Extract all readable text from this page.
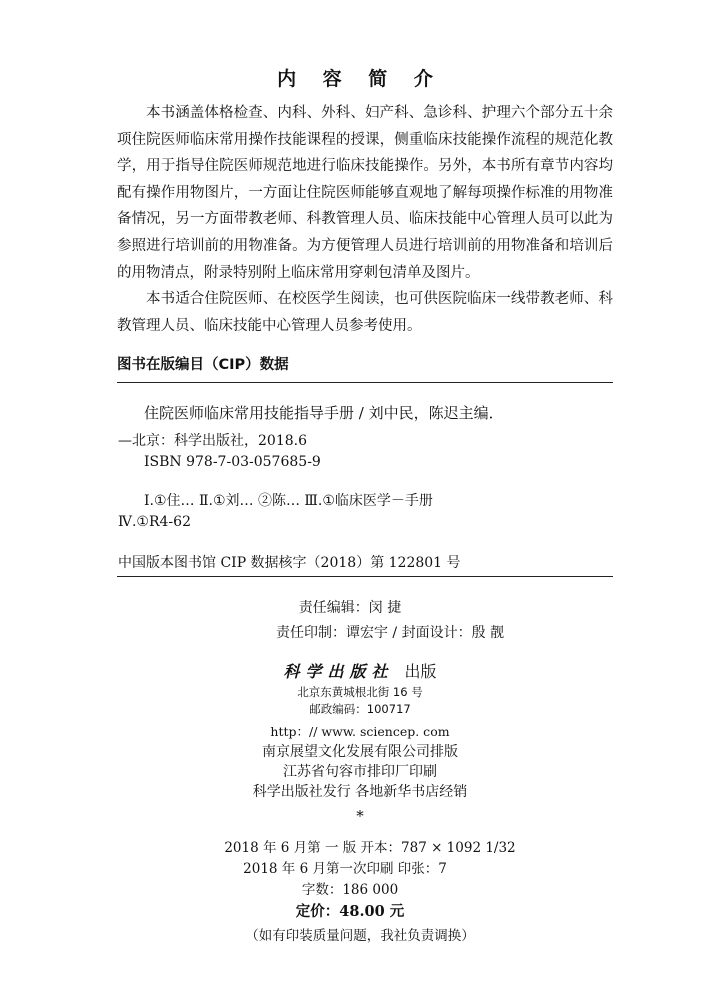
内 容 简 介

本书涵盖体格检查、内科、外科、妇产科、急诊科、护理六个部分五十余项住院医师临床常用操作技能课程的授课，侧重临床技能操作流程的规范化教学，用于指导住院医师规范地进行临床技能操作。另外，本书所有章节内容均配有操作用物图片，一方面让住院医师能够直观地了解每项操作标准的用物准备情况，另一方面带教老师、科教管理人员、临床技能中心管理人员可以此为参照进行培训前的用物准备。为方便管理人员进行培训前的用物准备和培训后的用物清点，附录特别附上临床常用穿刺包清单及图片。

本书适合住院医师、在校医学生阅读，也可供医院临床一线带教老师、科教管理人员、临床技能中心管理人员参考使用。

图书在版编目（CIP）数据
住院医师临床常用技能指导手册 / 刘中民，陈迟主编．
—北京：科学出版社，2018.6
ISBN 978-7-03-057685-9
Ⅰ.①住… Ⅱ.①刘… ②陈… Ⅲ.①临床医学－手册
Ⅳ.①R4-62
中国版本图书馆 CIP 数据核字（2018）第 122801 号
责任编辑：闵 捷
责任印制：谭宏宇 / 封面设计：殷 靓
科学出版社 出版
北京东黄城根北街 16 号
邮政编码：100717
http：// www. sciencep. com
南京展望文化发展有限公司排版
江苏省句容市排印厂印刷
科学出版社发行 各地新华书店经销
*
2018 年 6 月第 一 版 开本：787 × 1092 1/32
2018 年 6 月第一次印刷 印张：7
字数：186 000
定价：48.00 元
（如有印装质量问题，我社负责调换）
